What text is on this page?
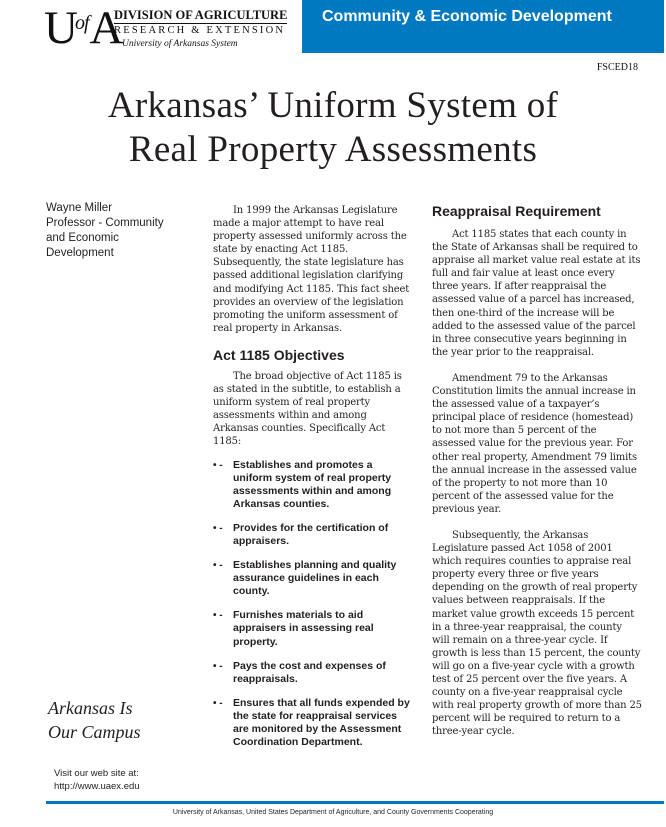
$U^{of}A$
DIVISION OF AGRICULTURE
RESEARCH & EXTENSION
University of Arkansas System
Community & Economic Development
FSCED18
Arkansas’ Uniform System of
Real Property Assessments
Wayne Miller
Professor - Community
and Economic
Development
Arkansas Is
Our Campus
Visit our web site at:
http://www.uaex.edu

In 1999 the Arkansas Legislature made a major attempt to have real property assessed uniformly across the state by enacting Act 1185. Subsequently, the state legislature has passed additional legislation clarifying and modifying Act 1185. This fact sheet provides an overview of the legislation promoting the uniform assessment of real property in Arkansas.

Act 1185 Objectives

The broad objective of Act 1185 is as stated in the subtitle, to establish a uniform system of real property assessments within and among Arkansas counties. Specifically Act 1185:

• - Establishes and promotes a uniform system of real property assessments within and among Arkansas counties.
• - Provides for the certification of appraisers.
• - Establishes planning and quality assurance guidelines in each county.
• - Furnishes materials to aid appraisers in assessing real property.
• - Pays the cost and expenses of reappraisals.
• - Ensures that all funds expended by the state for reappraisal services are monitored by the Assessment Coordination Department.
Reappraisal Requirement

Act 1185 states that each county in the State of Arkansas shall be required to appraise all market value real estate at its full and fair value at least once every three years. If after reappraisal the assessed value of a parcel has increased, then one-third of the increase will be added to the assessed value of the parcel in three consecutive years beginning in the year prior to the reappraisal.

Amendment 79 to the Arkansas Constitution limits the annual increase in the assessed value of a taxpayer’s principal place of residence (homestead) to not more than 5 percent of the assessed value for the previous year. For other real property, Amendment 79 limits the annual increase in the assessed value of the property to not more than 10 percent of the assessed value for the previous year.

Subsequently, the Arkansas Legislature passed Act 1058 of 2001 which requires counties to appraise real property every three or five years depending on the growth of real property values between reappraisals. If the market value growth exceeds 15 percent in a three-year reappraisal, the county will remain on a three-year cycle. If growth is less than 15 percent, the county will go on a five-year cycle with a growth test of 25 percent over the five years. A county on a five-year reappraisal cycle with real property growth of more than 25 percent will be required to return to a three-year cycle.

University of Arkansas, United States Department of Agriculture, and County Governments Cooperating
